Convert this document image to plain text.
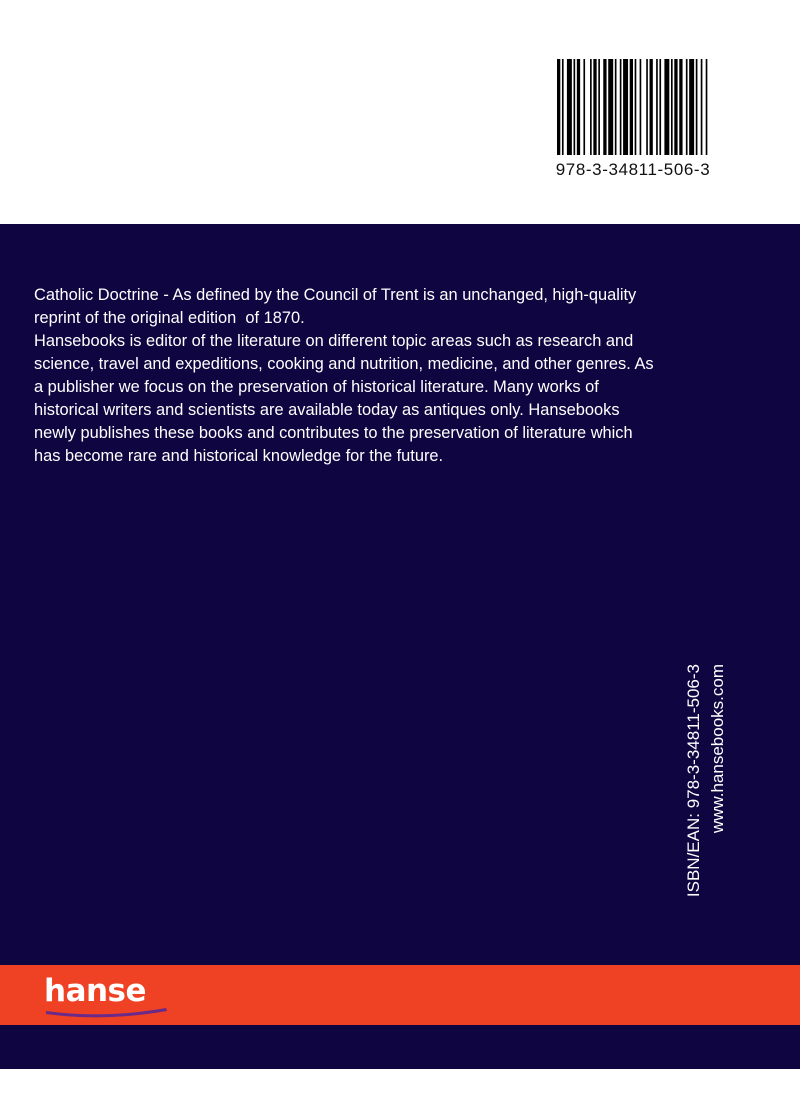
978-3-34811-506-3

Catholic Doctrine - As defined by the Council of Trent is an unchanged, high-quality
reprint of the original edition  of 1870.

Hansebooks is editor of the literature on different topic areas such as research and
science, travel and expeditions, cooking and nutrition, medicine, and other genres. As
a publisher we focus on the preservation of historical literature. Many works of
historical writers and scientists are available today as antiques only. Hansebooks
newly publishes these books and contributes to the preservation of literature which
has become rare and historical knowledge for the future.

ISBN/EAN: 978-3-34811-506-3 www.hansebooks.com
hanse
